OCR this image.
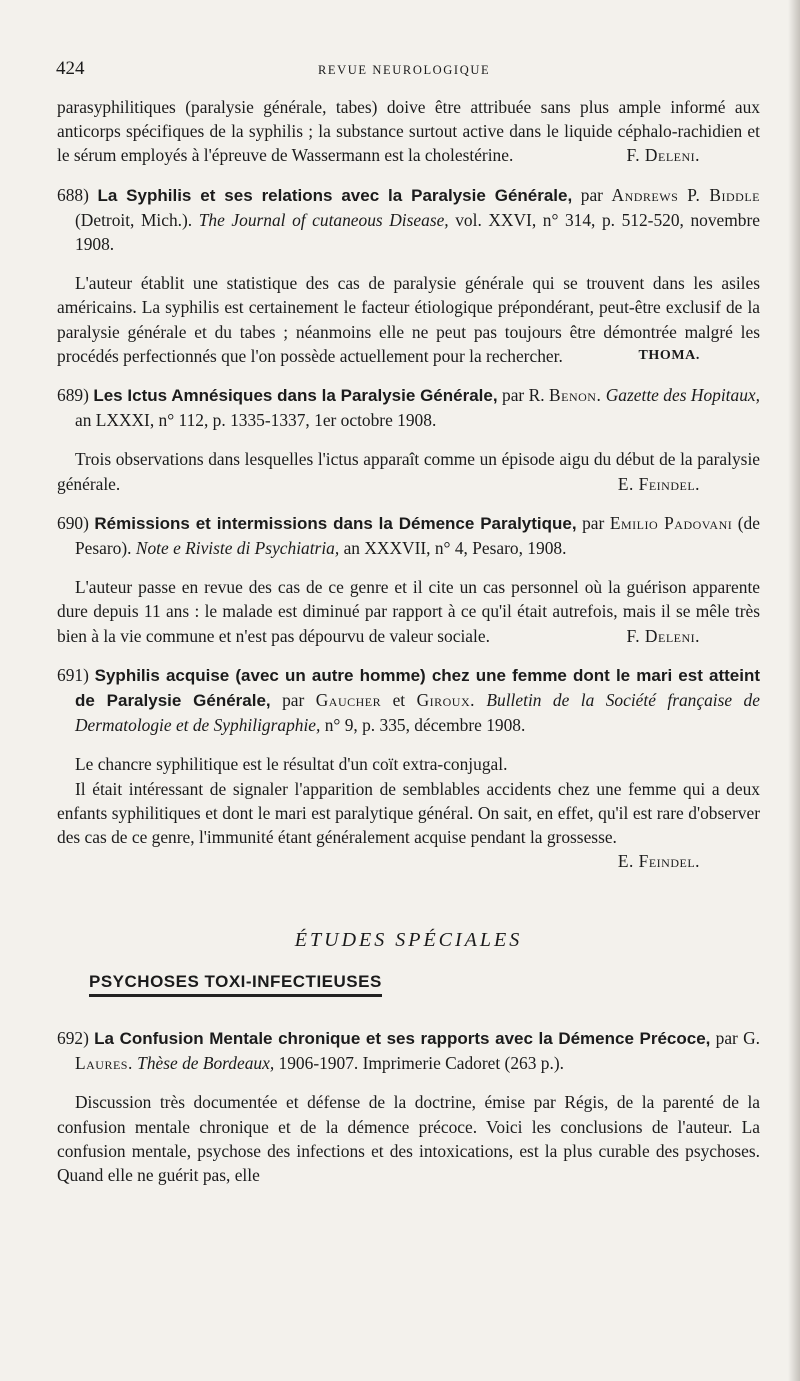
424	REVUE NEUROLOGIQUE

parasyphilitiques (paralysie générale, tabes) doive être attribuée sans plus ample informé aux anticorps spécifiques de la syphilis ; la substance surtout active dans le liquide céphalo-rachidien et le sérum employés à l'épreuve de Wassermann est la cholestérine.	F. Deleni.

688) La Syphilis et ses relations avec la Paralysie Générale, par Andrews P. Biddle (Detroit, Mich.). The Journal of cutaneous Disease, vol. XXVI, n° 314, p. 512-520, novembre 1908.

L'auteur établit une statistique des cas de paralysie générale qui se trouvent dans les asiles américains. La syphilis est certainement le facteur étiologique prépondérant, peut-être exclusif de la paralysie générale et du tabes ; néanmoins elle ne peut pas toujours être démontrée malgré les procédés perfectionnés que l'on possède actuellement pour la rechercher.	THOMA.

689) Les Ictus Amnésiques dans la Paralysie Générale, par R. Benon. Gazette des Hopitaux, an LXXXI, n° 112, p. 1335-1337, 1er octobre 1908.

Trois observations dans lesquelles l'ictus apparaît comme un épisode aigu du début de la paralysie générale.	E. Feindel.

690) Rémissions et intermissions dans la Démence Paralytique, par Emilio Padovani (de Pesaro). Note e Riviste di Psychiatria, an XXXVII, n° 4, Pesaro, 1908.

L'auteur passe en revue des cas de ce genre et il cite un cas personnel où la guérison apparente dure depuis 11 ans : le malade est diminué par rapport à ce qu'il était autrefois, mais il se mêle très bien à la vie commune et n'est pas dépourvu de valeur sociale.	F. Deleni.

691) Syphilis acquise (avec un autre homme) chez une femme dont le mari est atteint de Paralysie Générale, par Gaucher et Giroux. Bulletin de la Société française de Dermatologie et de Syphiligraphie, n° 9, p. 335, décembre 1908.

Le chancre syphilitique est le résultat d'un coït extra-conjugal.

Il était intéressant de signaler l'apparition de semblables accidents chez une femme qui a deux enfants syphilitiques et dont le mari est paralytique général. On sait, en effet, qu'il est rare d'observer des cas de ce genre, l'immunité étant généralement acquise pendant la grossesse.
E. Feindel.

ÉTUDES SPÉCIALES

PSYCHOSES TOXI-INFECTIEUSES

692) La Confusion Mentale chronique et ses rapports avec la Démence Précoce, par G. Laures. Thèse de Bordeaux, 1906-1907. Imprimerie Cadoret (263 p.).

Discussion très documentée et défense de la doctrine, émise par Régis, de la parenté de la confusion mentale chronique et de la démence précoce. Voici les conclusions de l'auteur. La confusion mentale, psychose des infections et des intoxications, est la plus curable des psychoses. Quand elle ne guérit pas, elle
